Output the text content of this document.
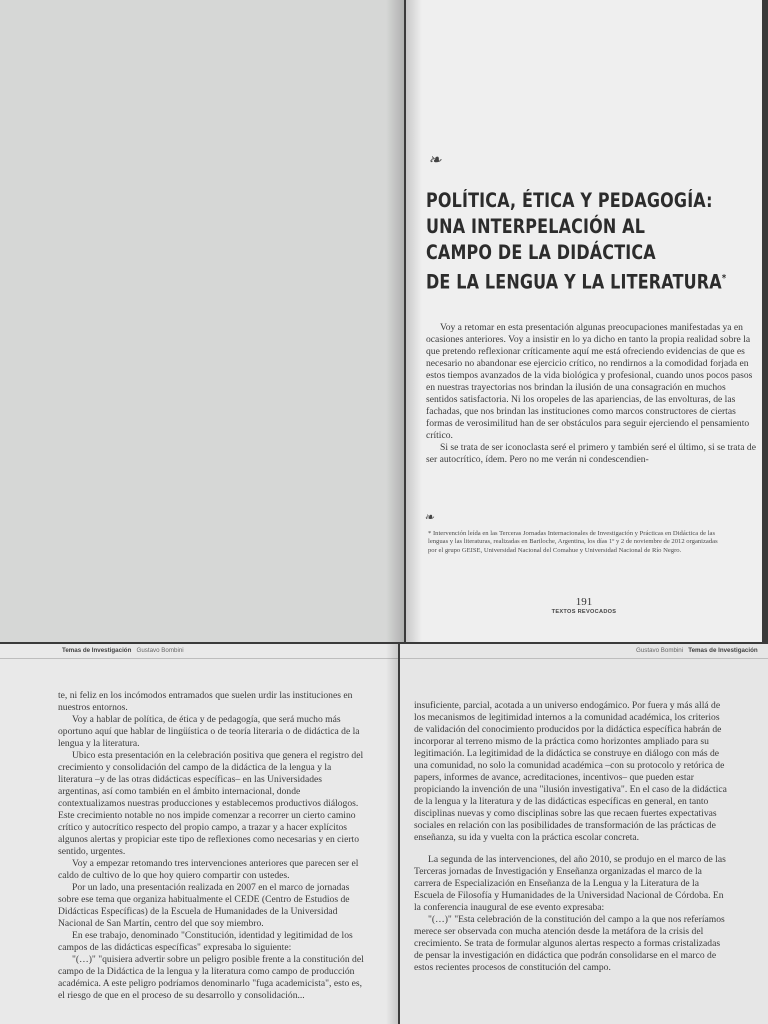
❧
POLÍTICA, ÉTICA Y PEDAGOGÍA:
UNA INTERPELACIÓN AL
CAMPO DE LA DIDÁCTICA
DE LA LENGUA Y LA LITERATURA*

Voy a retomar en esta presentación algunas preocupaciones manifestadas ya en ocasiones anteriores. Voy a insistir en lo ya dicho en tanto la propia realidad sobre la que pretendo reflexionar críticamente aquí me está ofreciendo evidencias de que es necesario no abandonar ese ejercicio crítico, no rendirnos a la comodidad forjada en estos tiempos avanzados de la vida biológica y profesional, cuando unos pocos pasos en nuestras trayectorias nos brindan la ilusión de una consagración en muchos sentidos satisfactoria. Ni los oropeles de las apariencias, de las envolturas, de las fachadas, que nos brindan las instituciones como marcos constructores de ciertas formas de verosimilitud han de ser obstáculos para seguir ejerciendo el pensamiento crítico.

Si se trata de ser iconoclasta seré el primero y también seré el último, si se trata de ser autocrítico, ídem. Pero no me verán ni condescendien-

❧
* Intervención leída en las Terceras Jornadas Internacionales de Investigación y Prácticas en Didáctica de las lenguas y las literaturas, realizadas en Bariloche, Argentina, los días 1º y 2 de noviembre de 2012 organizadas por el grupo GEISE, Universidad Nacional del Comahue y Universidad Nacional de Río Negro.
191
TEXTOS REVOCADOS
Temas de Investigación Gustavo Bombini

te, ni feliz en los incómodos entramados que suelen urdir las instituciones en nuestros entornos.

Voy a hablar de política, de ética y de pedagogía, que será mucho más oportuno aquí que hablar de lingüística o de teoría literaria o de didáctica de la lengua y la literatura.

Ubico esta presentación en la celebración positiva que genera el registro del crecimiento y consolidación del campo de la didáctica de la lengua y la literatura –y de las otras didácticas específicas– en las Universidades argentinas, así como también en el ámbito internacional, donde contextualizamos nuestras producciones y establecemos productivos diálogos. Este crecimiento notable no nos impide comenzar a recorrer un cierto camino crítico y autocrítico respecto del propio campo, a trazar y a hacer explícitos algunos alertas y propiciar este tipo de reflexiones como necesarias y en cierto sentido, urgentes.

Voy a empezar retomando tres intervenciones anteriores que parecen ser el caldo de cultivo de lo que hoy quiero compartir con ustedes.

Por un lado, una presentación realizada en 2007 en el marco de jornadas sobre ese tema que organiza habitualmente el CEDE (Centro de Estudios de Didácticas Específicas) de la Escuela de Humanidades de la Universidad Nacional de San Martín, centro del que soy miembro.

En ese trabajo, denominado "Constitución, identidad y legitimidad de los campos de las didácticas específicas" expresaba lo siguiente:

"(…)" "quisiera advertir sobre un peligro posible frente a la constitución del campo de la Didáctica de la lengua y la literatura como campo de producción académica. A este peligro podríamos denominarlo "fuga academicista", esto es, el riesgo de que en el proceso de su desarrollo y consolidación...

Gustavo Bombini Temas de Investigación

insuficiente, parcial, acotada a un universo endogámico. Por fuera y más allá de los mecanismos de legitimidad internos a la comunidad académica, los criterios de validación del conocimiento producidos por la didáctica específica habrán de incorporar al terreno mismo de la práctica como horizontes ampliado para su legitimación. La legitimidad de la didáctica se construye en diálogo con más de una comunidad, no solo la comunidad académica –con su protocolo y retórica de papers, informes de avance, acreditaciones, incentivos– que pueden estar propiciando la invención de una "ilusión investigativa". En el caso de la didáctica de la lengua y la literatura y de las didácticas específicas en general, en tanto disciplinas nuevas y como disciplinas sobre las que recaen fuertes expectativas sociales en relación con las posibilidades de transformación de las prácticas de enseñanza, su ida y vuelta con la práctica escolar concreta.

La segunda de las intervenciones, del año 2010, se produjo en el marco de las Terceras jornadas de Investigación y Enseñanza organizadas el marco de la carrera de Especialización en Enseñanza de la Lengua y la Literatura de la Escuela de Filosofía y Humanidades de la Universidad Nacional de Córdoba. En la conferencia inaugural de ese evento expresaba:

"(…)" "Esta celebración de la constitución del campo a la que nos referíamos merece ser observada con mucha atención desde la metáfora de la crisis del crecimiento. Se trata de formular algunos alertas respecto a formas cristalizadas de pensar la investigación en didáctica que podrán consolidarse en el marco de estos recientes procesos de constitución del campo.
